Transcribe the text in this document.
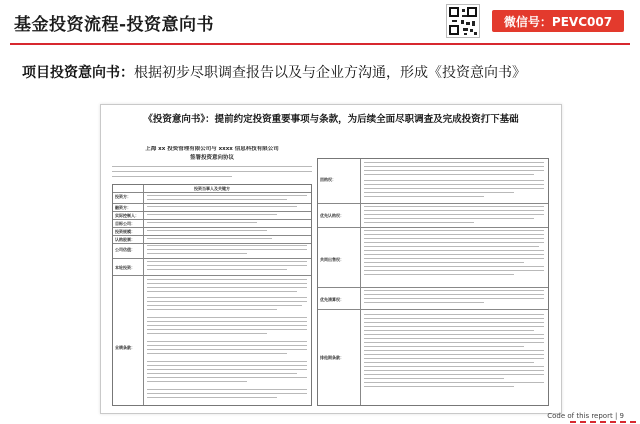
基金投资流程-投资意向书	微信号：PEVC007
项目投资意向书：根据初步尽职调查报告以及与企业方沟通，形成《投资意向书》
《投资意向书》：提前约定投资重要事项与条款，为后续全面尽职调查及完成投资打下基础
上海 xx 投资管理有限公司与 xxxx 信息科技有限公司
签署投资意向协议
投资当事人及关键方
投资方：
融资方：
实际控制人：
目标公司：
投资规模：
认购股票：
公司估值：
本轮投资：
业绩条款：
回购权：
优先认购权：
共同出售权：
优先清算权：
排他期条款：
Code of this report | 9
